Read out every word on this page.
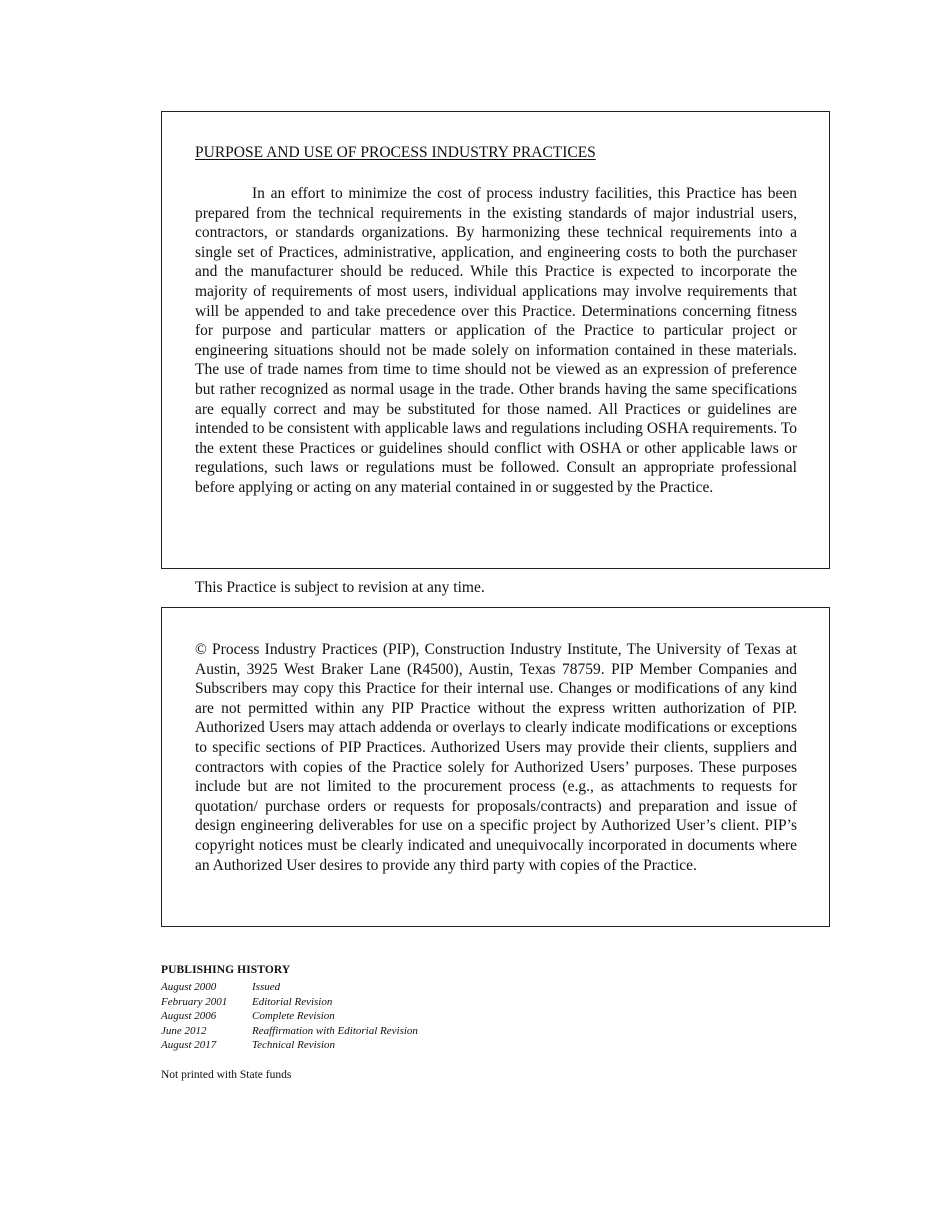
PURPOSE AND USE OF PROCESS INDUSTRY PRACTICES

In an effort to minimize the cost of process industry facilities, this Practice has been prepared from the technical requirements in the existing standards of major industrial users, contractors, or standards organizations. By harmonizing these technical requirements into a single set of Practices, administrative, application, and engineering costs to both the purchaser and the manufacturer should be reduced. While this Practice is expected to incorporate the majority of requirements of most users, individual applications may involve requirements that will be appended to and take precedence over this Practice. Determinations concerning fitness for purpose and particular matters or application of the Practice to particular project or engineering situations should not be made solely on information contained in these materials. The use of trade names from time to time should not be viewed as an expression of preference but rather recognized as normal usage in the trade. Other brands having the same specifications are equally correct and may be substituted for those named. All Practices or guidelines are intended to be consistent with applicable laws and regulations including OSHA requirements. To the extent these Practices or guidelines should conflict with OSHA or other applicable laws or regulations, such laws or regulations must be followed. Consult an appropriate professional before applying or acting on any material contained in or suggested by the Practice.

This Practice is subject to revision at any time.

© Process Industry Practices (PIP), Construction Industry Institute, The University of Texas at Austin, 3925 West Braker Lane (R4500), Austin, Texas 78759. PIP Member Companies and Subscribers may copy this Practice for their internal use. Changes or modifications of any kind are not permitted within any PIP Practice without the express written authorization of PIP. Authorized Users may attach addenda or overlays to clearly indicate modifications or exceptions to specific sections of PIP Practices. Authorized Users may provide their clients, suppliers and contractors with copies of the Practice solely for Authorized Users’ purposes. These purposes include but are not limited to the procurement process (e.g., as attachments to requests for quotation/ purchase orders or requests for proposals/contracts) and preparation and issue of design engineering deliverables for use on a specific project by Authorized User’s client. PIP’s copyright notices must be clearly indicated and unequivocally incorporated in documents where an Authorized User desires to provide any third party with copies of the Practice.

PUBLISHING HISTORY
August 2000	Issued
February 2001	Editorial Revision
August 2006	Complete Revision
June 2012	Reaffirmation with Editorial Revision
August 2017	Technical Revision
Not printed with State funds
